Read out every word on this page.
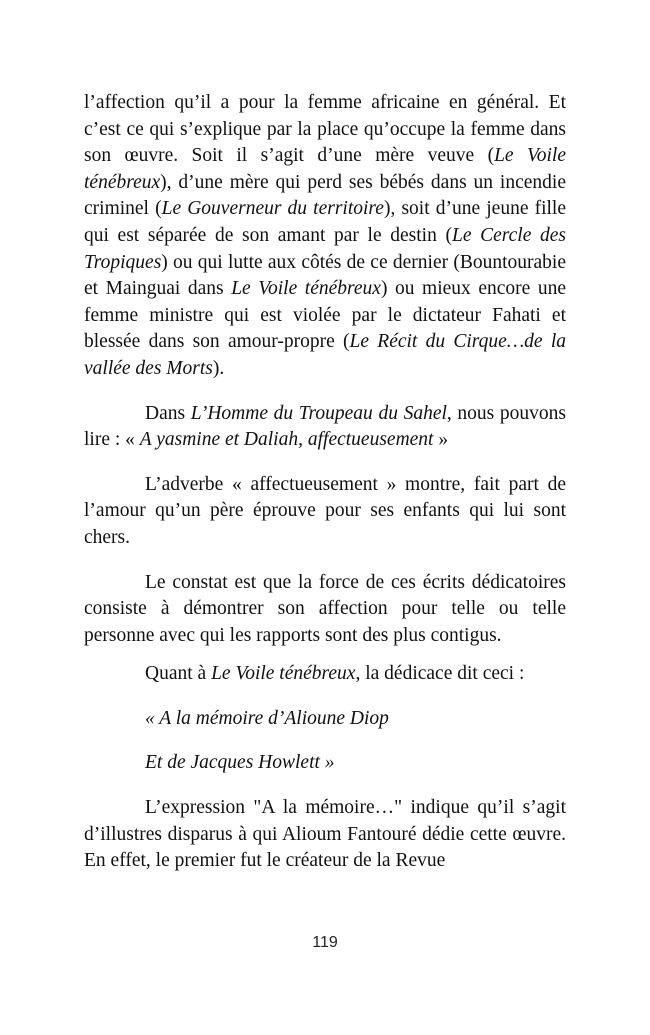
l’affection qu’il a pour la femme africaine en général. Et c’est ce qui s’explique par la place qu’occupe la femme dans son œuvre. Soit il s’agit d’une mère veuve (Le Voile ténébreux), d’une mère qui perd ses bébés dans un incendie criminel (Le Gouverneur du territoire), soit d’une jeune fille qui est séparée de son amant par le destin (Le Cercle des Tropiques) ou qui lutte aux côtés de ce dernier (Bountourabie et Mainguai dans Le Voile ténébreux) ou mieux encore une femme ministre qui est violée par le dictateur Fahati et blessée dans son amour-propre (Le Récit du Cirque…de la vallée des Morts).

Dans L’Homme du Troupeau du Sahel, nous pouvons lire : « A yasmine et Daliah, affectueusement »

L’adverbe « affectueusement » montre, fait part de l’amour qu’un père éprouve pour ses enfants qui lui sont chers.

Le constat est que la force de ces écrits dédicatoires consiste à démontrer son affection pour telle ou telle personne avec qui les rapports sont des plus contigus.

Quant à Le Voile ténébreux, la dédicace dit ceci :

« A la mémoire d’Alioune Diop

Et de Jacques Howlett »

L’expression "A la mémoire…" indique qu’il s’agit d’illustres disparus à qui Alioum Fantouré dédie cette œuvre. En effet, le premier fut le créateur de la Revue

119
